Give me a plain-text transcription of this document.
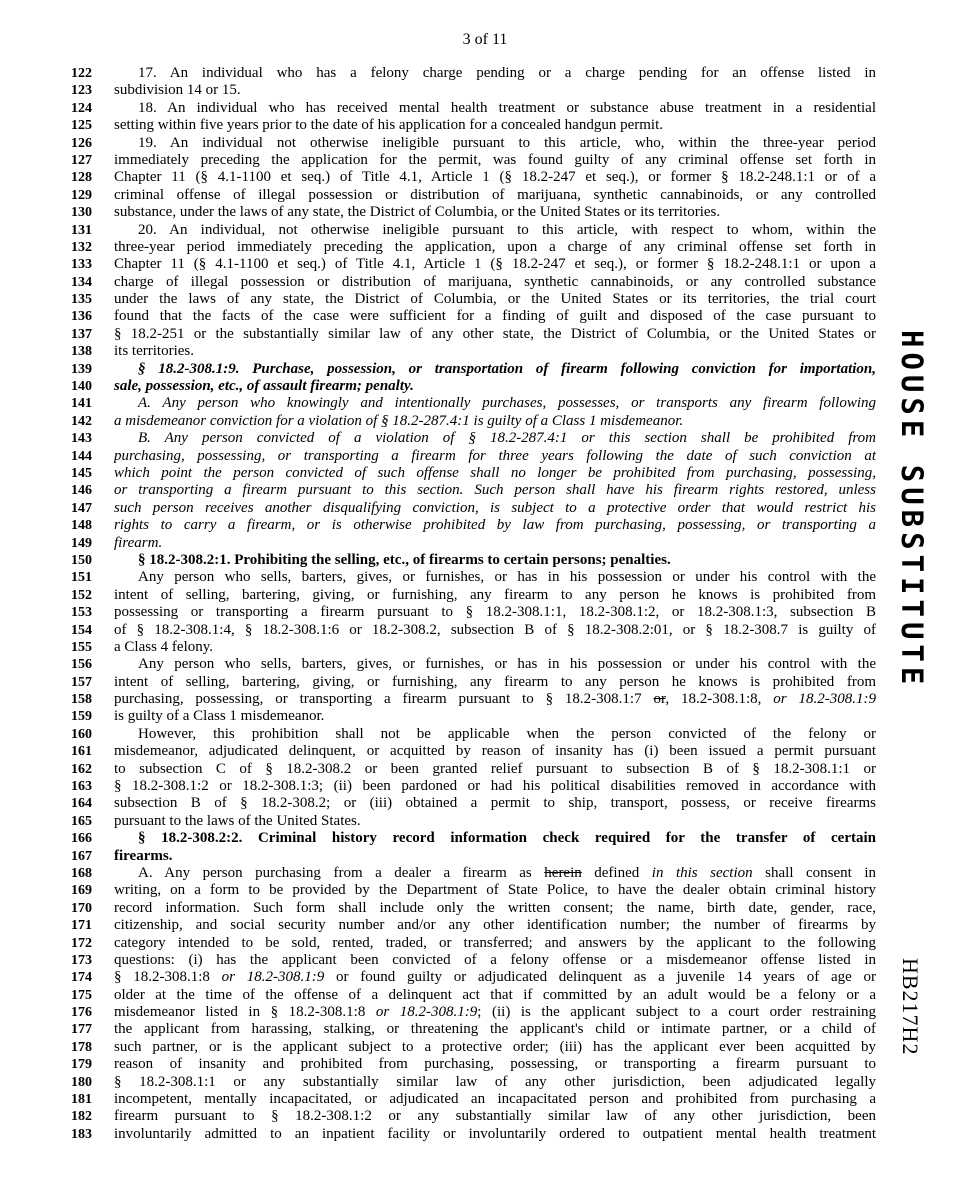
3 of 11
122	17. An individual who has a felony charge pending or a charge pending for an offense listed in
123 subdivision 14 or 15.
124	18. An individual who has received mental health treatment or substance abuse treatment in a residential
125 setting within five years prior to the date of his application for a concealed handgun permit.
126	19. An individual not otherwise ineligible pursuant to this article, who, within the three-year period
127 immediately preceding the application for the permit, was found guilty of any criminal offense set forth in
128 Chapter 11 (§ 4.1-1100 et seq.) of Title 4.1, Article 1 (§ 18.2-247 et seq.), or former § 18.2-248.1:1 or of a
129 criminal offense of illegal possession or distribution of marijuana, synthetic cannabinoids, or any controlled
130 substance, under the laws of any state, the District of Columbia, or the United States or its territories.
131	20. An individual, not otherwise ineligible pursuant to this article, with respect to whom, within the
132 three-year period immediately preceding the application, upon a charge of any criminal offense set forth in
133 Chapter 11 (§ 4.1-1100 et seq.) of Title 4.1, Article 1 (§ 18.2-247 et seq.), or former § 18.2-248.1:1 or upon a
134 charge of illegal possession or distribution of marijuana, synthetic cannabinoids, or any controlled substance
135 under the laws of any state, the District of Columbia, or the United States or its territories, the trial court
136 found that the facts of the case were sufficient for a finding of guilt and disposed of the case pursuant to
137 § 18.2-251 or the substantially similar law of any other state, the District of Columbia, or the United States or
138 its territories.
139	§ 18.2-308.1:9. Purchase, possession, or transportation of firearm following conviction for importation,
140 sale, possession, etc., of assault firearm; penalty.
141	A. Any person who knowingly and intentionally purchases, possesses, or transports any firearm following
142 a misdemeanor conviction for a violation of § 18.2-287.4:1 is guilty of a Class 1 misdemeanor.
143	B. Any person convicted of a violation of § 18.2-287.4:1 or this section shall be prohibited from
144 purchasing, possessing, or transporting a firearm for three years following the date of such conviction at
145 which point the person convicted of such offense shall no longer be prohibited from purchasing, possessing,
146 or transporting a firearm pursuant to this section. Such person shall have his firearm rights restored, unless
147 such person receives another disqualifying conviction, is subject to a protective order that would restrict his
148 rights to carry a firearm, or is otherwise prohibited by law from purchasing, possessing, or transporting a
149 firearm.
150	§ 18.2-308.2:1. Prohibiting the selling, etc., of firearms to certain persons; penalties.
151	Any person who sells, barters, gives, or furnishes, or has in his possession or under his control with the
152 intent of selling, bartering, giving, or furnishing, any firearm to any person he knows is prohibited from
153 possessing or transporting a firearm pursuant to § 18.2-308.1:1, 18.2-308.1:2, or 18.2-308.1:3, subsection B
154 of § 18.2-308.1:4, § 18.2-308.1:6 or 18.2-308.2, subsection B of § 18.2-308.2:01, or § 18.2-308.7 is guilty of
155 a Class 4 felony.
156	Any person who sells, barters, gives, or furnishes, or has in his possession or under his control with the
157 intent of selling, bartering, giving, or furnishing, any firearm to any person he knows is prohibited from
158 purchasing, possessing, or transporting a firearm pursuant to § 18.2-308.1:7 or, 18.2-308.1:8, or 18.2-308.1:9
159 is guilty of a Class 1 misdemeanor.
160	However, this prohibition shall not be applicable when the person convicted of the felony or
161 misdemeanor, adjudicated delinquent, or acquitted by reason of insanity has (i) been issued a permit pursuant
162 to subsection C of § 18.2-308.2 or been granted relief pursuant to subsection B of § 18.2-308.1:1 or
163 § 18.2-308.1:2 or 18.2-308.1:3; (ii) been pardoned or had his political disabilities removed in accordance with
164 subsection B of § 18.2-308.2; or (iii) obtained a permit to ship, transport, possess, or receive firearms
165 pursuant to the laws of the United States.
166	§ 18.2-308.2:2. Criminal history record information check required for the transfer of certain
167 firearms.
168	A. Any person purchasing from a dealer a firearm as herein defined in this section shall consent in
169 writing, on a form to be provided by the Department of State Police, to have the dealer obtain criminal history
170 record information. Such form shall include only the written consent; the name, birth date, gender, race,
171 citizenship, and social security number and/or any other identification number; the number of firearms by
172 category intended to be sold, rented, traded, or transferred; and answers by the applicant to the following
173 questions: (i) has the applicant been convicted of a felony offense or a misdemeanor offense listed in
174 § 18.2-308.1:8 or 18.2-308.1:9 or found guilty or adjudicated delinquent as a juvenile 14 years of age or
175 older at the time of the offense of a delinquent act that if committed by an adult would be a felony or a
176 misdemeanor listed in § 18.2-308.1:8 or 18.2-308.1:9; (ii) is the applicant subject to a court order restraining
177 the applicant from harassing, stalking, or threatening the applicant's child or intimate partner, or a child of
178 such partner, or is the applicant subject to a protective order; (iii) has the applicant ever been acquitted by
179 reason of insanity and prohibited from purchasing, possessing, or transporting a firearm pursuant to
180 § 18.2-308.1:1 or any substantially similar law of any other jurisdiction, been adjudicated legally
181 incompetent, mentally incapacitated, or adjudicated an incapacitated person and prohibited from purchasing a
182 firearm pursuant to § 18.2-308.1:2 or any substantially similar law of any other jurisdiction, been
183 involuntarily admitted to an inpatient facility or involuntarily ordered to outpatient mental health treatment
HOUSE SUBSTITUTE
HB217H2
